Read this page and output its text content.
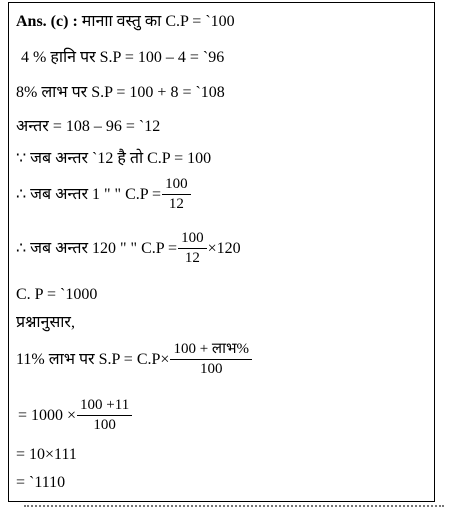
Ans. (c) : मानाा वस्तु का C.P = `100
4 % हानि पर S.P = 100 – 4 = `96
8% लाभ पर S.P = 100 + 8 = `108
अन्तर = 108 – 96 = `12
∵ जब अन्तर `12 है तो C.P = 100
∴ जब अन्तर 1 " " $C.P = \frac{100}{12}$
∴ जब अन्तर 120 " " $C.P = \frac{100}{12} \times 120$
C. P = `1000
प्रश्नानुसार,
11% लाभ पर $S.P = C.P\times \frac{\text{100 + लाभ\%}}{100}$
= $1000 \times \frac{100 +11}{100}$
= 10×111
= `1110
